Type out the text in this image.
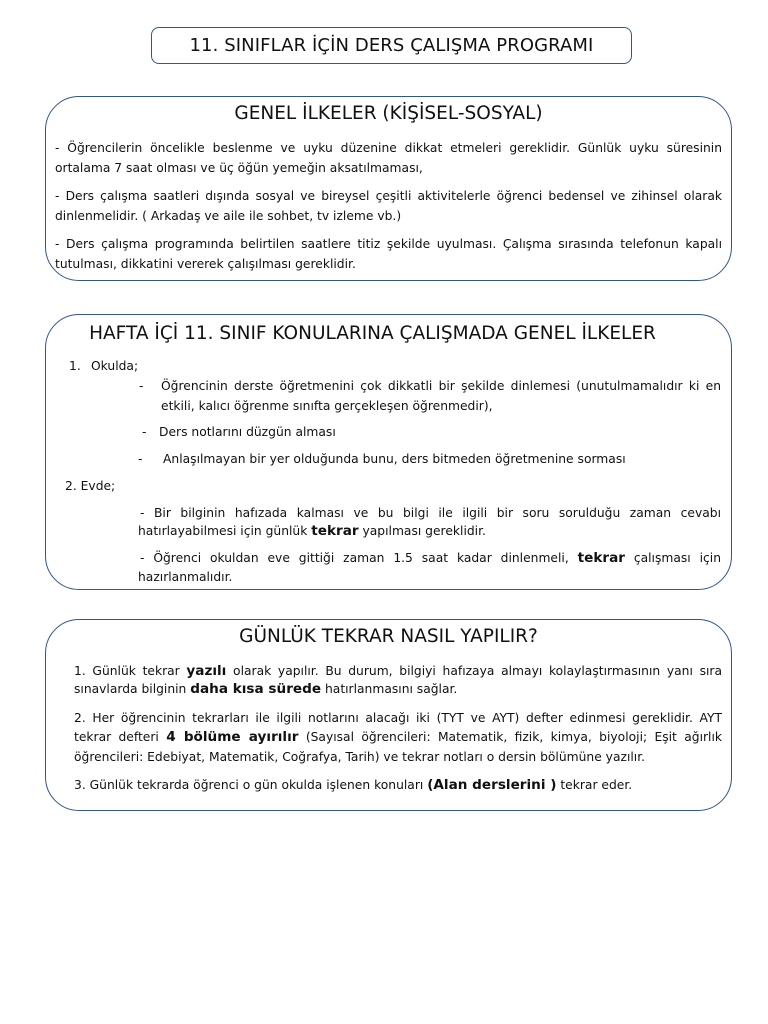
11. SINIFLAR İÇİN DERS ÇALIŞMA PROGRAMI
GENEL İLKELER (KİŞİSEL-SOSYAL)
- Öğrencilerin öncelikle beslenme ve uyku düzenine dikkat etmeleri gereklidir. Günlük uyku süresinin ortalama 7 saat olması ve üç öğün yemeğin aksatılmaması,
- Ders çalışma saatleri dışında sosyal ve bireysel çeşitli aktivitelerle öğrenci bedensel ve zihinsel olarak dinlenmelidir. ( Arkadaş ve aile ile sohbet, tv izleme vb.)
- Ders çalışma programında belirtilen saatlere titiz şekilde uyulması. Çalışma sırasında telefonun kapalı tutulması, dikkatini vererek çalışılması gereklidir.
HAFTA İÇİ 11. SINIF KONULARINA ÇALIŞMADA GENEL İLKELER
1. Okulda;
- Öğrencinin derste öğretmenini çok dikkatli bir şekilde dinlemesi (unutulmamalıdır ki en etkili, kalıcı öğrenme sınıfta gerçekleşen öğrenmedir),
- Ders notlarını düzgün alması
- Anlaşılmayan bir yer olduğunda bunu, ders bitmeden öğretmenine sorması
2. Evde;
- Bir bilginin hafızada kalması ve bu bilgi ile ilgili bir soru sorulduğu zaman cevabı
hatırlayabilmesi için günlük tekrar yapılması gereklidir.
- Öğrenci okuldan eve gittiği zaman 1.5 saat kadar dinlenmeli, tekrar çalışması için
hazırlanmalıdır.
GÜNLÜK TEKRAR NASIL YAPILIR?
1. Günlük tekrar yazılı olarak yapılır. Bu durum, bilgiyi hafızaya almayı kolaylaştırmasının yanı sıra
sınavlarda bilginin daha kısa sürede hatırlanmasını sağlar.
2. Her öğrencinin tekrarları ile ilgili notlarını alacağı iki (TYT ve AYT) defter edinmesi gereklidir. AYT
tekrar defteri 4 bölüme ayırılır (Sayısal öğrencileri: Matematik, fizik, kimya, biyoloji; Eşit ağırlık
öğrencileri: Edebiyat, Matematik, Coğrafya, Tarih) ve tekrar notları o dersin bölümüne yazılır.
3. Günlük tekrarda öğrenci o gün okulda işlenen konuları (Alan derslerini ) tekrar eder.
